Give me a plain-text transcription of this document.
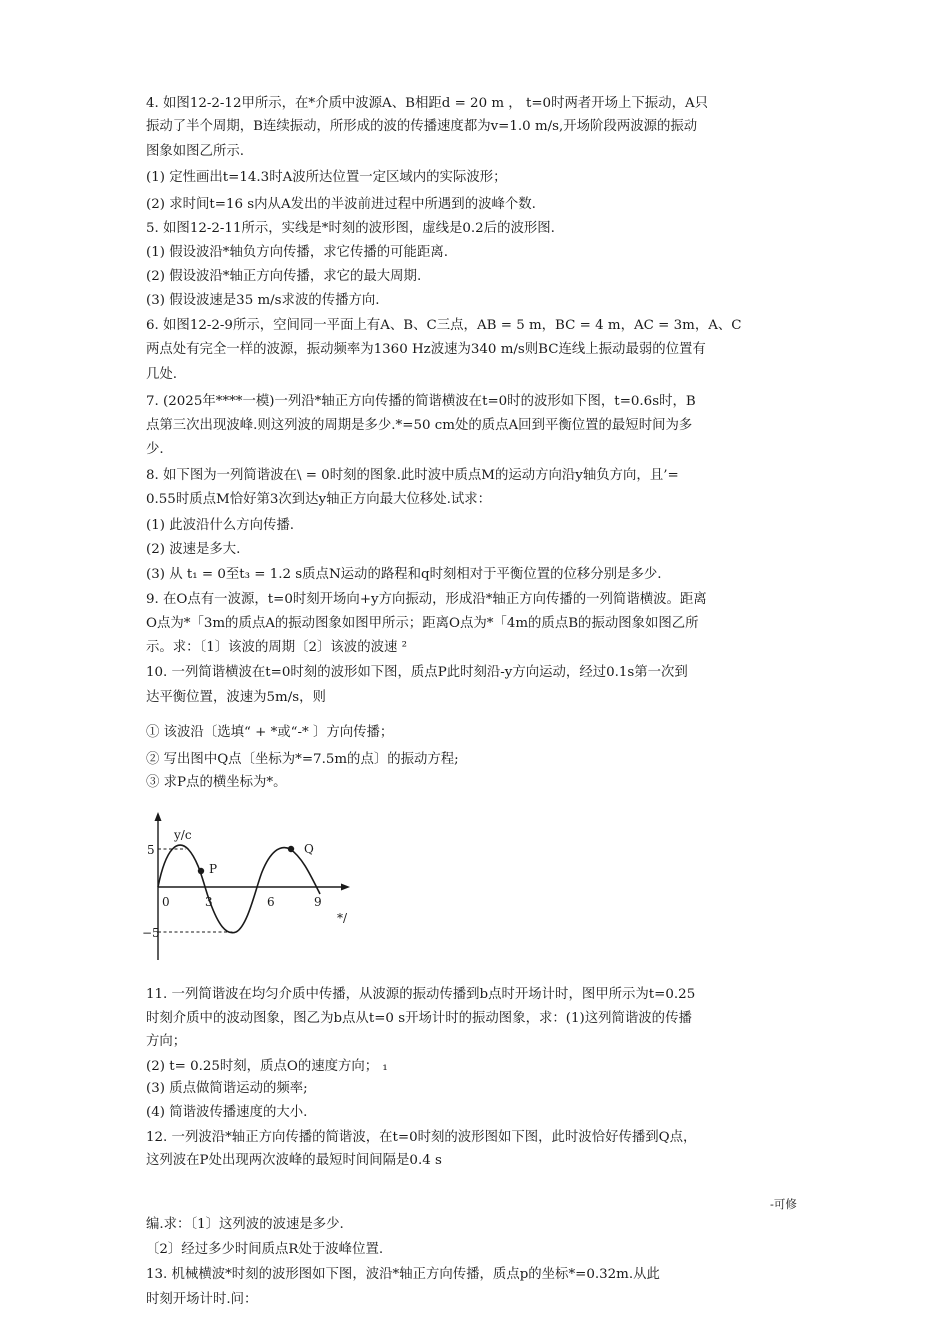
4. 如图12-2-12甲所示，在*介质中波源A、B相距d = 20 m ， t=0时两者开场上下振动，A只
振动了半个周期，B连续振动，所形成的波的传播速度都为v=1.0 m/s,开场阶段两波源的振动
图象如图乙所示.
(1) 定性画出t=14.3时A波所达位置一定区域内的实际波形；
(2) 求时间t=16 s内从A发出的半波前进过程中所遇到的波峰个数.
5. 如图12-2-11所示，实线是*时刻的波形图，虚线是0.2后的波形图.
(1) 假设波沿*轴负方向传播，求它传播的可能距离.
(2) 假设波沿*轴正方向传播，求它的最大周期.
(3) 假设波速是35 m/s求波的传播方向.
6. 如图12-2-9所示，空间同一平面上有A、B、C三点，AB = 5 m，BC = 4 m，AC = 3m，A、C
两点处有完全一样的波源，振动频率为1360 Hz波速为340 m/s则BC连线上振动最弱的位置有
几处.
7. (2025年****一模)一列沿*轴正方向传播的简谐横波在t=0时的波形如下图，t=0.6s时，B
点第三次出现波峰.则这列波的周期是多少.*=50 cm处的质点A回到平衡位置的最短时间为多
少.
8. 如下图为一列简谐波在\ = 0时刻的图象.此时波中质点M的运动方向沿y轴负方向，且’=
0.55时质点M恰好第3次到达y轴正方向最大位移处.试求：
(1) 此波沿什么方向传播.
(2) 波速是多大.
(3) 从 t₁ = 0至t₃ = 1.2 s质点N运动的路程和q时刻相对于平衡位置的位移分别是多少.
9. 在O点有一波源，t=0时刻开场向+y方向振动，形成沿*轴正方向传播的一列简谐横波。距离
O点为*「3m的质点A的振动图象如图甲所示；距离O点为*「4m的质点B的振动图象如图乙所
示。求：〔1〕该波的周期〔2〕该波的波速 ²
10. 一列简谐横波在t=0时刻的波形如下图，质点P此时刻沿-y方向运动，经过0.1s第一次到
达平衡位置，波速为5m/s，则
① 该波沿〔选填“ + *或“-* 〕方向传播；
② 写出图中Q点〔坐标为*=7.5m的点〕的振动方程;
③ 求P点的横坐标为*。
11. 一列简谐波在均匀介质中传播，从波源的振动传播到b点时开场计时，图甲所示为t=0.25
时刻介质中的波动图象，图乙为b点从t=0 s开场计时的振动图象，求：(1)这列简谐波的传播
方向；
(2) t= 0.25时刻，质点O的速度方向； ₁
(3) 质点做简谐运动的频率;
(4) 简谐波传播速度的大小.
12. 一列波沿*轴正方向传播的简谐波，在t=0时刻的波形图如下图，此时波恰好传播到Q点，
这列波在P处出现两次波峰的最短时间间隔是0.4 s
编.求：〔1〕这列波的波速是多少.
〔2〕经过多少时间质点R处于波峰位置.
13. 机械横波*时刻的波形图如下图，波沿*轴正方向传播，质点p的坐标*=0.32m.从此
时刻开场计时.问：
y/c
5
−5
P
Q
0	3	6	9
*/
-可修
